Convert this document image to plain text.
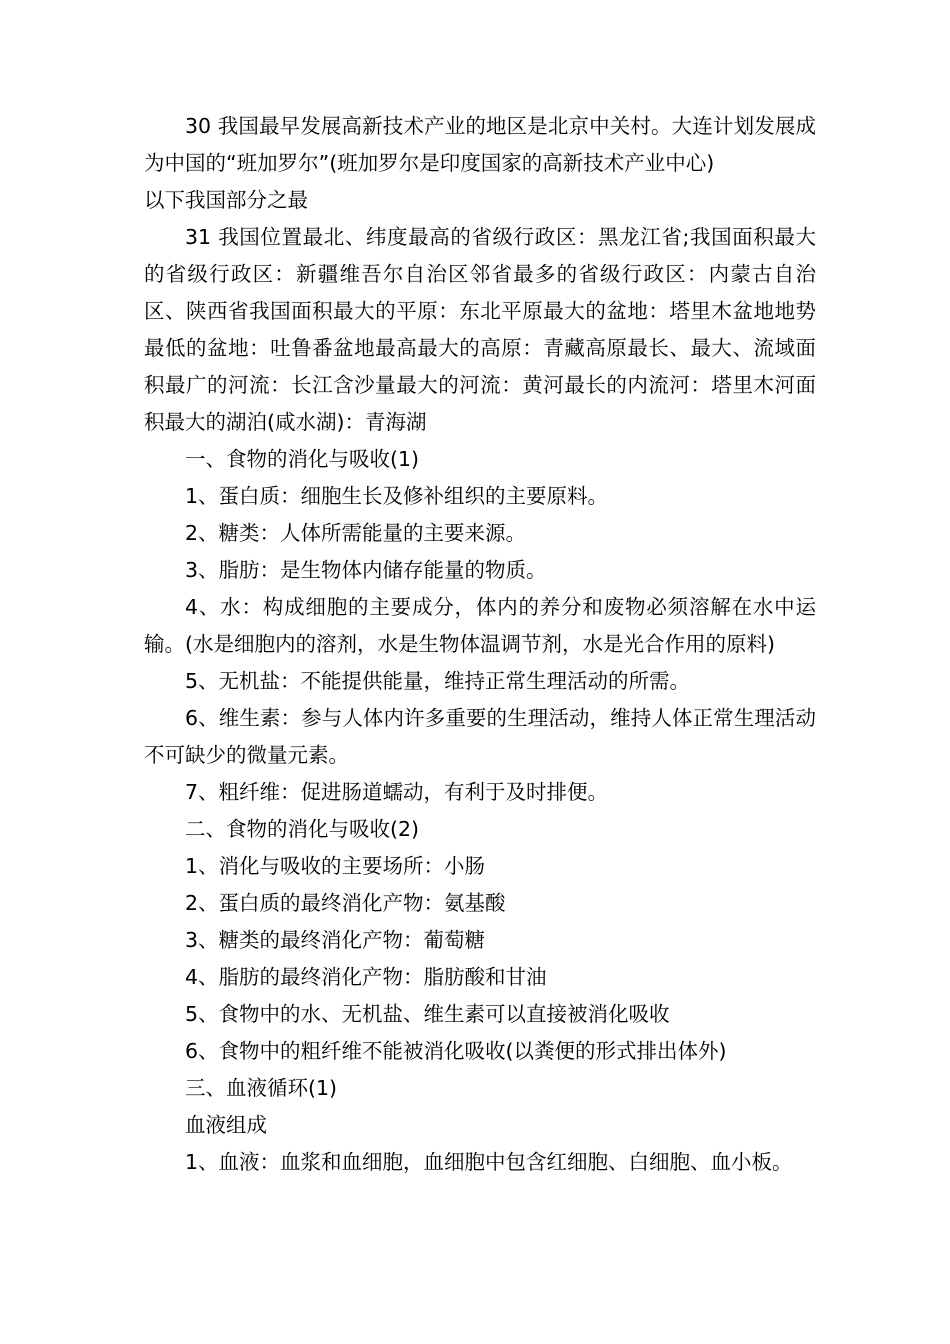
30 我国最早发展高新技术产业的地区是北京中关村。大连计划发展成为中国的“班加罗尔”(班加罗尔是印度国家的高新技术产业中心)

以下我国部分之最

31 我国位置最北、纬度最高的省级行政区：黑龙江省;我国面积最大的省级行政区：新疆维吾尔自治区邻省最多的省级行政区：内蒙古自治区、陕西省我国面积最大的平原：东北平原最大的盆地：塔里木盆地地势最低的盆地：吐鲁番盆地最高最大的高原：青藏高原最长、最大、流域面积最广的河流：长江含沙量最大的河流：黄河最长的内流河：塔里木河面积最大的湖泊(咸水湖)：青海湖

一、食物的消化与吸收(1)

1、蛋白质：细胞生长及修补组织的主要原料。

2、糖类：人体所需能量的主要来源。

3、脂肪：是生物体内储存能量的物质。

4、水：构成细胞的主要成分，体内的养分和废物必须溶解在水中运输。(水是细胞内的溶剂，水是生物体温调节剂，水是光合作用的原料)

5、无机盐：不能提供能量，维持正常生理活动的所需。

6、维生素：参与人体内许多重要的生理活动，维持人体正常生理活动不可缺少的微量元素。

7、粗纤维：促进肠道蠕动，有利于及时排便。

二、食物的消化与吸收(2)

1、消化与吸收的主要场所：小肠

2、蛋白质的最终消化产物：氨基酸

3、糖类的最终消化产物：葡萄糖

4、脂肪的最终消化产物：脂肪酸和甘油

5、食物中的水、无机盐、维生素可以直接被消化吸收

6、食物中的粗纤维不能被消化吸收(以粪便的形式排出体外)

三、血液循环(1)

血液组成

1、血液：血浆和血细胞，血细胞中包含红细胞、白细胞、血小板。
